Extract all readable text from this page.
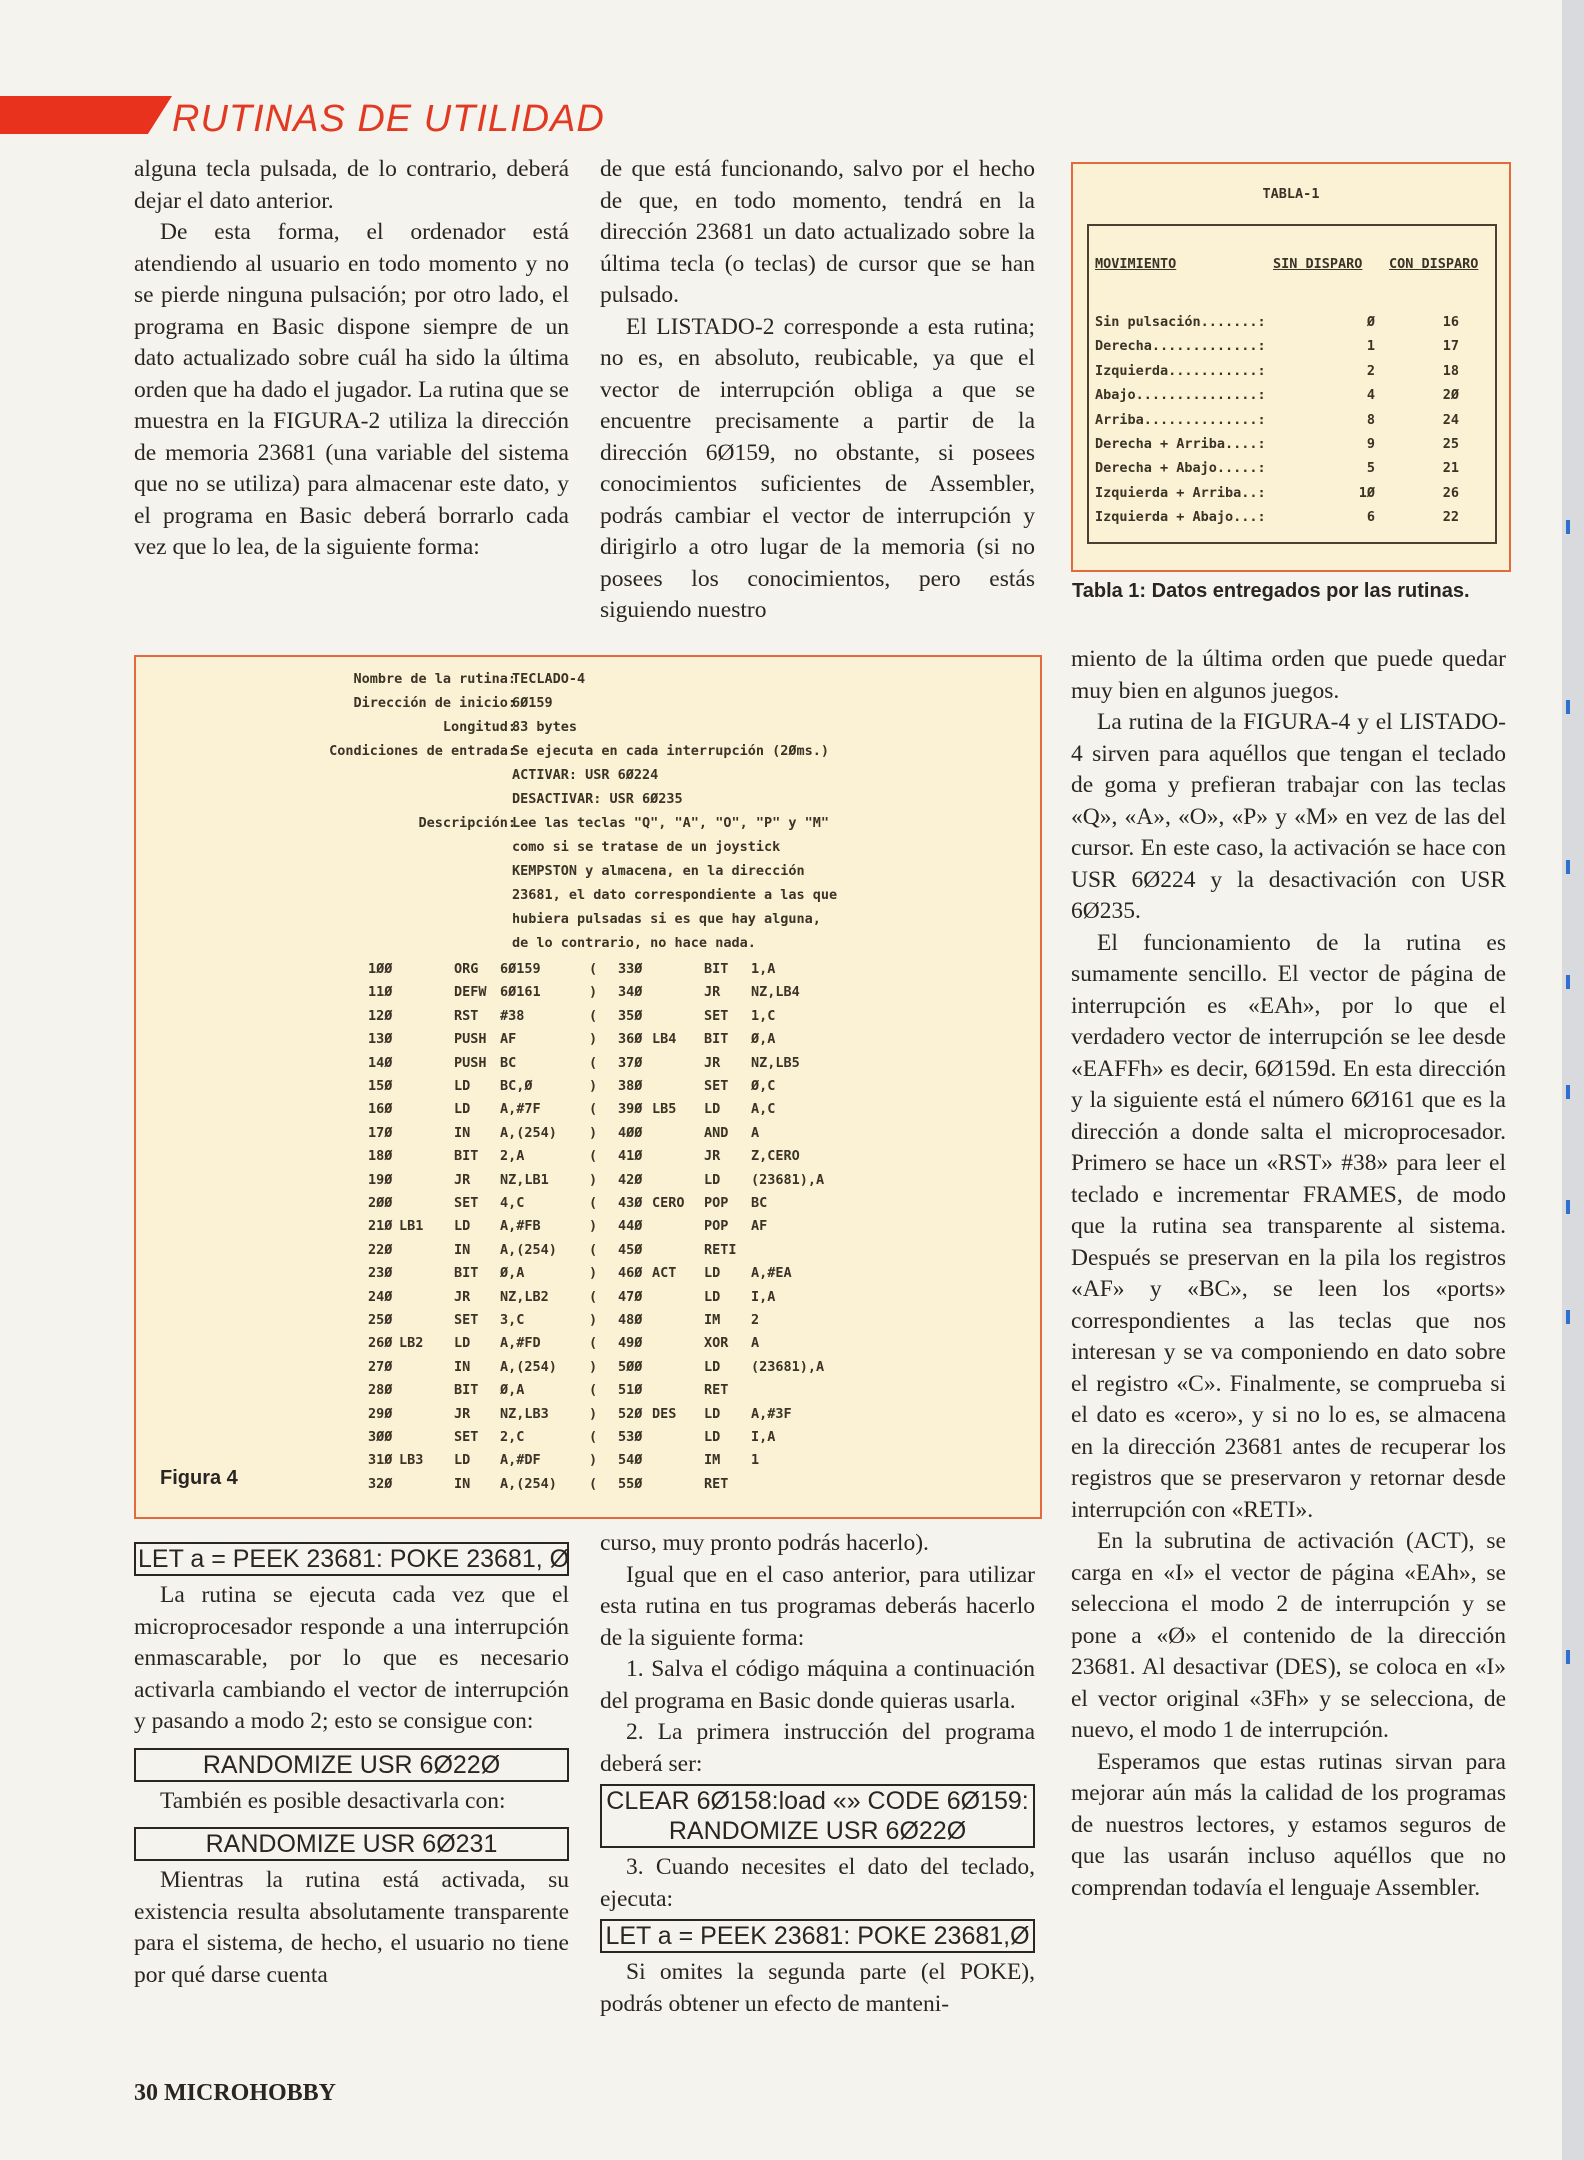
RUTINAS DE UTILIDAD

alguna tecla pulsada, de lo contrario, deberá dejar el dato anterior.

De esta forma, el ordenador está atendiendo al usuario en todo momento y no se pierde ninguna pulsación; por otro lado, el programa en Basic dispone siempre de un dato actualizado sobre cuál ha sido la última orden que ha dado el jugador. La rutina que se muestra en la FIGURA-2 utiliza la dirección de memoria 23681 (una variable del sistema que no se utiliza) para almacenar este dato, y el programa en Basic deberá borrarlo cada vez que lo lea, de la siguiente forma:

de que está funcionando, salvo por el hecho de que, en todo momento, tendrá en la dirección 23681 un dato actualizado sobre la última tecla (o teclas) de cursor que se han pulsado.

El LISTADO-2 corresponde a esta rutina; no es, en absoluto, reubicable, ya que el vector de interrupción obliga a que se encuentre precisamente a partir de la dirección 6Ø159, no obstante, si posees conocimientos suficientes de Assembler, podrás cambiar el vector de interrupción y dirigirlo a otro lugar de la memoria (si no posees los conocimientos, pero estás siguiendo nuestro

TABLA-1
MOVIMIENTO	SIN DISPARO CON DISPARO
Sin pulsación.......:	Ø	16
Derecha.............:	1	17
Izquierda...........:	2	18
Abajo...............:	4	2Ø
Arriba..............:	8	24
Derecha + Arriba....:	9	25
Derecha + Abajo.....:	5	21
Izquierda + Arriba..:	1Ø	26
Izquierda + Abajo...:	6	22
Tabla 1: Datos entregados por las rutinas.
Nombre de la rutina:
TECLADO-4
Dirección de inicio:
6Ø159
Longitud:
83 bytes
Condiciones de entrada:
Se ejecuta en cada interrupción (2Øms.)
ACTIVAR: USR 6Ø224
DESACTIVAR: USR 6Ø235
Descripción:
Lee las teclas "Q", "A", "O", "P" y "M"
como si se tratase de un joystick
KEMPSTON y almacena, en la dirección
23681, el dato correspondiente a las que
hubiera pulsadas si es que hay alguna,
de lo contrario, no hace nada.
1ØØ	ORG 6Ø159	( 33Ø	BIT 1,A
11Ø	DEFW 6Ø161	) 34Ø	JR NZ,LB4
12Ø	RST #38	( 35Ø	SET 1,C
13Ø	PUSH AF	) 36Ø LB4 BIT Ø,A
14Ø	PUSH BC	( 37Ø	JR NZ,LB5
15Ø	LD BC,Ø	) 38Ø	SET Ø,C
16Ø	LD A,#7F	( 39Ø LB5 LD A,C
17Ø	IN A,(254) ) 4ØØ	AND A
18Ø	BIT 2,A	( 41Ø	JR Z,CERO
19Ø	JR NZ,LB1	) 42Ø	LD (23681),A
2ØØ	SET 4,C	( 43Ø CERO POP BC
21Ø LB1 LD A,#FB	) 44Ø	POP AF
22Ø	IN A,(254) ( 45Ø	RETI
23Ø	BIT Ø,A	) 46Ø ACT LD A,#EA
24Ø	JR NZ,LB2	( 47Ø	LD I,A
25Ø	SET 3,C	) 48Ø	IM 2
26Ø LB2 LD A,#FD	( 49Ø	XOR A
27Ø	IN A,(254) ) 5ØØ	LD (23681),A
28Ø	BIT Ø,A	( 51Ø	RET
29Ø	JR NZ,LB3	) 52Ø DES LD A,#3F
3ØØ	SET 2,C	( 53Ø	LD I,A
31Ø LB3 LD A,#DF	) 54Ø	IM 1
32Ø	IN A,(254) ( 55Ø	RET
Figura 4
LET a = PEEK 23681: POKE 23681, Ø

La rutina se ejecuta cada vez que el microprocesador responde a una interrupción enmascarable, por lo que es necesario activarla cambiando el vector de interrupción y pasando a modo 2; esto se consigue con:

RANDOMIZE USR 6Ø22Ø

También es posible desactivarla con:

RANDOMIZE USR 6Ø231

Mientras la rutina está activada, su existencia resulta absolutamente transparente para el sistema, de hecho, el usuario no tiene por qué darse cuenta

curso, muy pronto podrás hacerlo).

Igual que en el caso anterior, para utilizar esta rutina en tus programas deberás hacerlo de la siguiente forma:

1. Salva el código máquina a continuación del programa en Basic donde quieras usarla.

2. La primera instrucción del programa deberá ser:

CLEAR 6Ø158:load «» CODE 6Ø159:
RANDOMIZE USR 6Ø22Ø

3. Cuando necesites el dato del teclado, ejecuta:

LET a = PEEK 23681: POKE 23681,Ø

Si omites la segunda parte (el POKE), podrás obtener un efecto de manteni-

miento de la última orden que puede quedar muy bien en algunos juegos.

La rutina de la FIGURA-4 y el LISTADO-4 sirven para aquéllos que tengan el teclado de goma y prefieran trabajar con las teclas «Q», «A», «O», «P» y «M» en vez de las del cursor. En este caso, la activación se hace con USR 6Ø224 y la desactivación con USR 6Ø235.

El funcionamiento de la rutina es sumamente sencillo. El vector de página de interrupción es «EAh», por lo que el verdadero vector de interrupción se lee desde «EAFFh» es decir, 6Ø159d. En esta dirección y la siguiente está el número 6Ø161 que es la dirección a donde salta el microprocesador. Primero se hace un «RST» #38» para leer el teclado e incrementar FRAMES, de modo que la rutina sea transparente al sistema. Después se preservan en la pila los registros «AF» y «BC», se leen los «ports» correspondientes a las teclas que nos interesan y se va componiendo en dato sobre el registro «C». Finalmente, se comprueba si el dato es «cero», y si no lo es, se almacena en la dirección 23681 antes de recuperar los registros que se preservaron y retornar desde interrupción con «RETI».

En la subrutina de activación (ACT), se carga en «I» el vector de página «EAh», se selecciona el modo 2 de interrupción y se pone a «Ø» el contenido de la dirección 23681. Al desactivar (DES), se coloca en «I» el vector original «3Fh» y se selecciona, de nuevo, el modo 1 de interrupción.

Esperamos que estas rutinas sirvan para mejorar aún más la calidad de los programas de nuestros lectores, y estamos seguros de que las usarán incluso aquéllos que no comprendan todavía el lenguaje Assembler.

30 MICROHOBBY
